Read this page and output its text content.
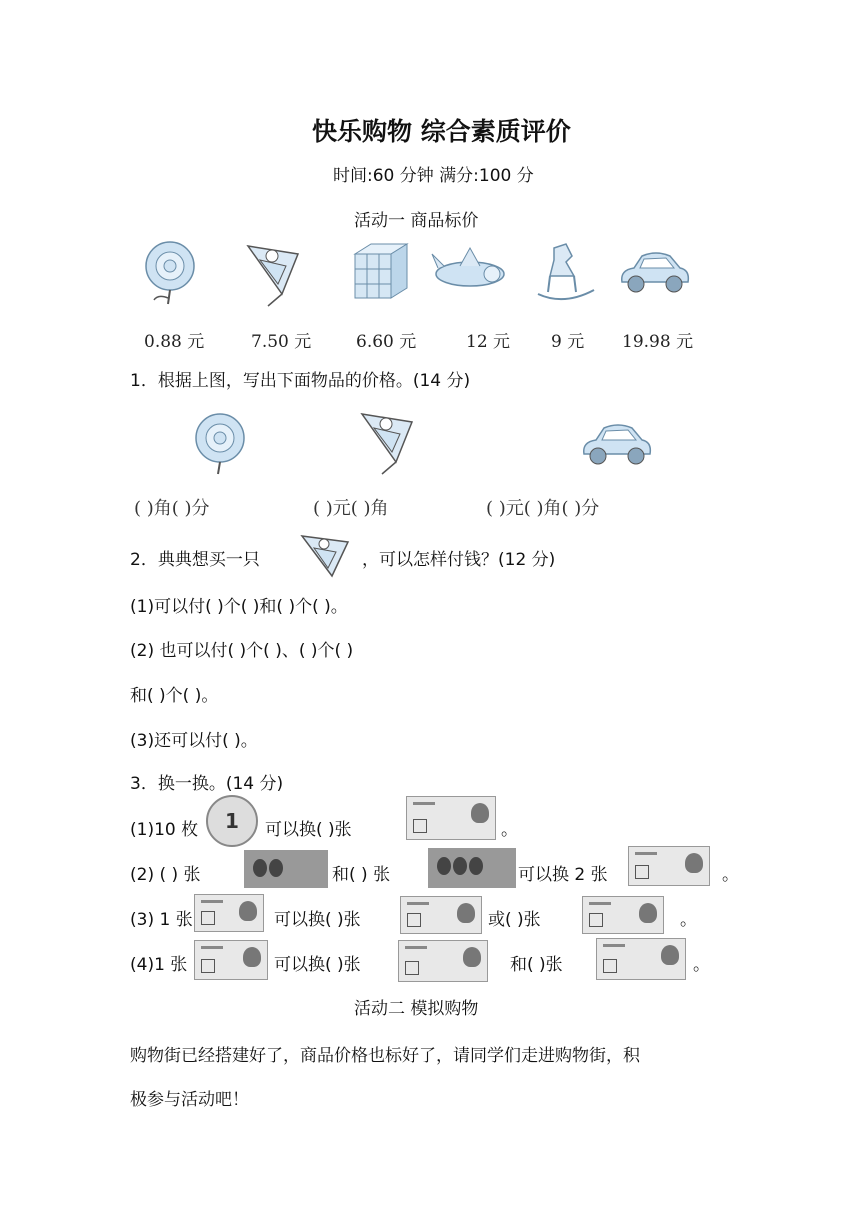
快乐购物 综合素质评价
时间:60 分钟 满分:100 分
活动一 商品标价
0.88 元	7.50 元	6.60 元	12 元 9 元 19.98 元
1．根据上图，写出下面物品的价格。(14 分)
( )角( )分	( )元( )角	( )元( )角( )分
2．典典想买一只	，可以怎样付钱？(12 分)
(1)可以付( )个( )和( )个( )。
(2) 也可以付( )个( )、( )个( )
和( )个( )。
(3)还可以付( )。
3．换一换。(14 分)
(1)10 枚	1	可以换( )张	。
(2) ( ) 张	和( ) 张	可以换 2 张	。
(3) 1 张	可以换( )张	或( )张	。
(4)1 张	可以换( )张	和( )张	。
活动二 模拟购物
购物街已经搭建好了，商品价格也标好了，请同学们走进购物街，积
极参与活动吧！
